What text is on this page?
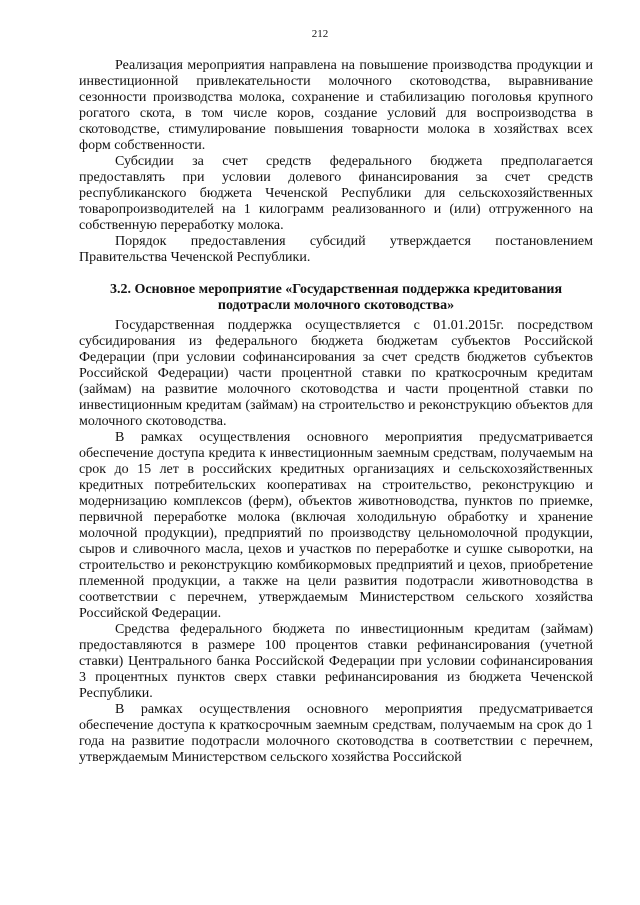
212

Реализация мероприятия направлена на повышение производства продукции и инвестиционной привлекательности молочного скотоводства, выравнивание сезонности производства молока, сохранение и стабилизацию поголовья крупного рогатого скота, в том числе коров, создание условий для воспроизводства в скотоводстве, стимулирование повышения товарности молока в хозяйствах всех форм собственности.

Субсидии за счет средств федерального бюджета предполагается предоставлять при условии долевого финансирования за счет средств республиканского бюджета Чеченской Республики для сельскохозяйственных товаропроизводителей на 1 килограмм реализованного и (или) отгруженного на собственную переработку молока.

Порядок предоставления субсидий утверждается постановлением Правительства Чеченской Республики.

3.2. Основное мероприятие «Государственная поддержка кредитования подотрасли молочного скотоводства»

Государственная поддержка осуществляется с 01.01.2015г. посредством субсидирования из федерального бюджета бюджетам субъектов Российской Федерации (при условии софинансирования за счет средств бюджетов субъектов Российской Федерации) части процентной ставки по краткосрочным кредитам (займам) на развитие молочного скотоводства и части процентной ставки по инвестиционным кредитам (займам) на строительство и реконструкцию объектов для молочного скотоводства.

В рамках осуществления основного мероприятия предусматривается обеспечение доступа кредита к инвестиционным заемным средствам, получаемым на срок до 15 лет в российских кредитных организациях и сельскохозяйственных кредитных потребительских кооперативах на строительство, реконструкцию и модернизацию комплексов (ферм), объектов животноводства, пунктов по приемке, первичной переработке молока (включая холодильную обработку и хранение молочной продукции), предприятий по производству цельномолочной продукции, сыров и сливочного масла, цехов и участков по переработке и сушке сыворотки, на строительство и реконструкцию комбикормовых предприятий и цехов, приобретение племенной продукции, а также на цели развития подотрасли животноводства в соответствии с перечнем, утверждаемым Министерством сельского хозяйства Российской Федерации.

Средства федерального бюджета по инвестиционным кредитам (займам) предоставляются в размере 100 процентов ставки рефинансирования (учетной ставки) Центрального банка Российской Федерации при условии софинансирования 3 процентных пунктов сверх ставки рефинансирования из бюджета Чеченской Республики.

В рамках осуществления основного мероприятия предусматривается обеспечение доступа к краткосрочным заемным средствам, получаемым на срок до 1 года на развитие подотрасли молочного скотоводства в соответствии с перечнем, утверждаемым Министерством сельского хозяйства Российской
